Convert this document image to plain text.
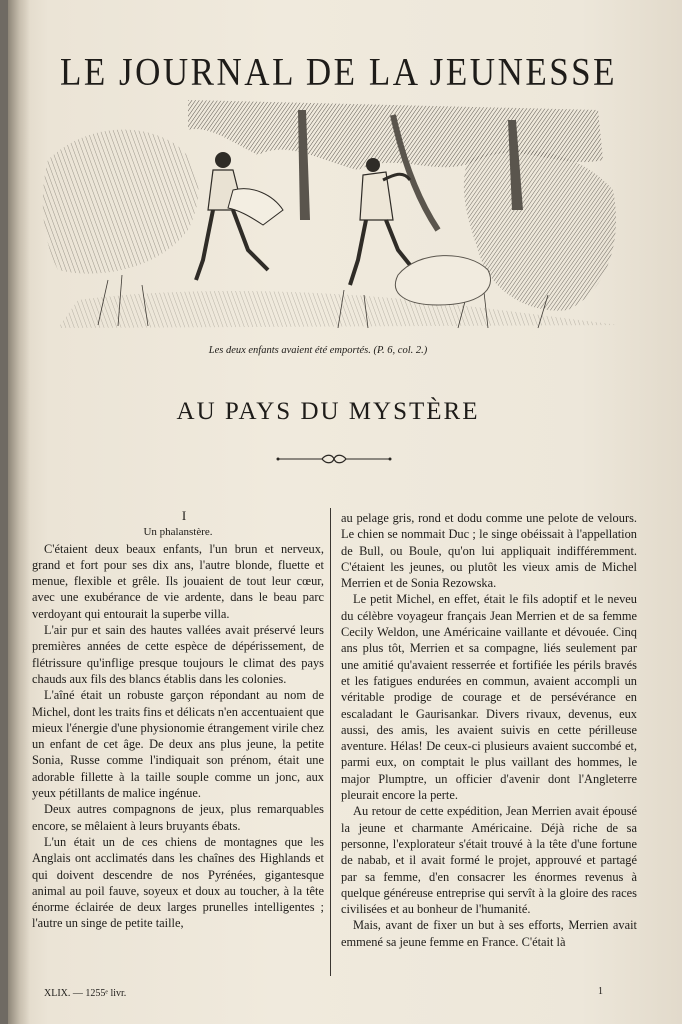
LE JOURNAL DE LA JEUNESSE
Les deux enfants avaient été emportés. (P. 6, col. 2.)
AU PAYS DU MYSTÈRE

I

Un phalanstère.

C'étaient deux beaux enfants, l'un brun et nerveux, grand et fort pour ses dix ans, l'autre blonde, fluette et menue, flexible et grêle. Ils jouaient de tout leur cœur, avec une exubérance de vie ardente, dans le beau parc verdoyant qui entourait la superbe villa.

L'air pur et sain des hautes vallées avait préservé leurs premières années de cette espèce de dépérissement, de flétrissure qu'inflige presque toujours le climat des pays chauds aux fils des blancs établis dans les colonies.

L'aîné était un robuste garçon répondant au nom de Michel, dont les traits fins et délicats n'en accentuaient que mieux l'énergie d'une physionomie étrangement virile chez un enfant de cet âge. De deux ans plus jeune, la petite Sonia, Russe comme l'indiquait son prénom, était une adorable fillette à la taille souple comme un jonc, aux yeux pétillants de malice ingénue.

Deux autres compagnons de jeux, plus remarquables encore, se mêlaient à leurs bruyants ébats.

L'un était un de ces chiens de montagnes que les Anglais ont acclimatés dans les chaînes des Highlands et qui doivent descendre de nos Pyrénées, gigantesque animal au poil fauve, soyeux et doux au toucher, à la tête énorme éclairée de deux larges prunelles intelligentes ; l'autre un singe de petite taille,

au pelage gris, rond et dodu comme une pelote de velours. Le chien se nommait Duc ; le singe obéissait à l'appellation de Bull, ou Boule, qu'on lui appliquait indifféremment. C'étaient les jeunes, ou plutôt les vieux amis de Michel Merrien et de Sonia Rezowska.

Le petit Michel, en effet, était le fils adoptif et le neveu du célèbre voyageur français Jean Merrien et de sa femme Cecily Weldon, une Américaine vaillante et dévouée. Cinq ans plus tôt, Merrien et sa compagne, liés seulement par une amitié qu'avaient resserrée et fortifiée les périls bravés et les fatigues endurées en commun, avaient accompli un véritable prodige de courage et de persévérance en escaladant le Gaurisankar. Divers rivaux, devenus, eux aussi, des amis, les avaient suivis en cette périlleuse aventure. Hélas! De ceux-ci plusieurs avaient succombé et, parmi eux, on comptait le plus vaillant des hommes, le major Plumptre, un officier d'avenir dont l'Angleterre pleurait encore la perte.

Au retour de cette expédition, Jean Merrien avait épousé la jeune et charmante Américaine. Déjà riche de sa personne, l'explorateur s'était trouvé à la tête d'une fortune de nabab, et il avait formé le projet, approuvé et partagé par sa femme, d'en consacrer les énormes revenus à quelque généreuse entreprise qui servît à la gloire des races civilisées et au bonheur de l'humanité.

Mais, avant de fixer un but à ses efforts, Merrien avait emmené sa jeune femme en France. C'était là

XLIX. — 1255ᵉ livr.	1
